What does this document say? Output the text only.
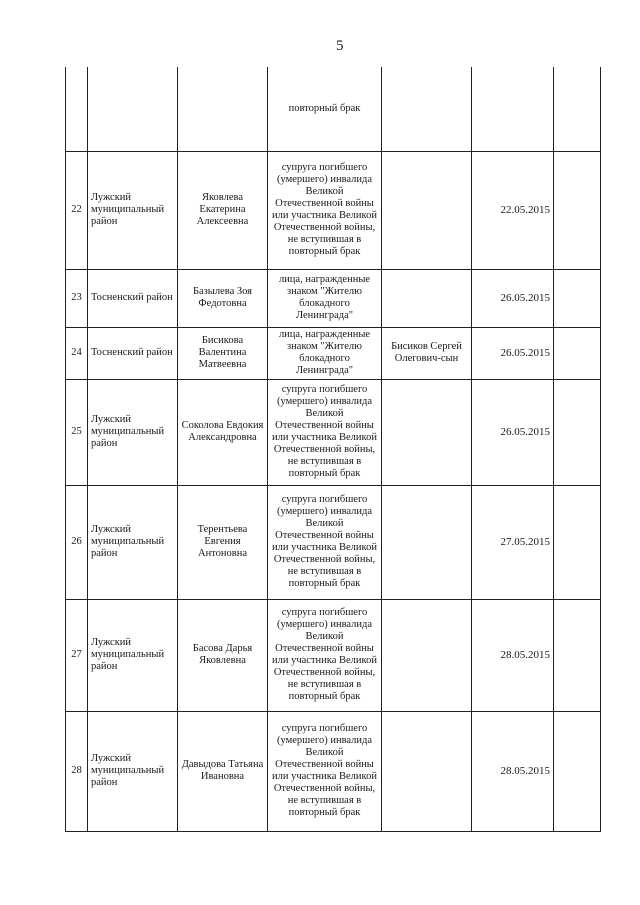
5
			повторный брак			
22	Лужский муниципальный район	Яковлева Екатерина Алексеевна	супруга погибшего (умершего) инвалида Великой Отечественной войны или участника Великой Отечественной войны, не вступившая в повторный брак		22.05.2015	
23	Тосненский район	Базылева Зоя Федотовна	лица, награжденные знаком "Жителю блокадного Ленинграда"		26.05.2015	
24	Тосненский район	Бисикова Валентина Матвеевна	лица, награжденные знаком "Жителю блокадного Ленинграда"	Бисиков Сергей Олегович-сын	26.05.2015	
25	Лужский муниципальный район	Соколова Евдокия Александровна	супруга погибшего (умершего) инвалида Великой Отечественной войны или участника Великой Отечественной войны, не вступившая в повторный брак		26.05.2015	
26	Лужский муниципальный район	Терентьева Евгения Антоновна	супруга погибшего (умершего) инвалида Великой Отечественной войны или участника Великой Отечественной войны, не вступившая в повторный брак		27.05.2015	
27	Лужский муниципальный район	Басова Дарья Яковлевна	супруга погибшего (умершего) инвалида Великой Отечественной войны или участника Великой Отечественной войны, не вступившая в повторный брак		28.05.2015	
28	Лужский муниципальный район	Давыдова Татьяна Ивановна	супруга погибшего (умершего) инвалида Великой Отечественной войны или участника Великой Отечественной войны, не вступившая в повторный брак		28.05.2015	
